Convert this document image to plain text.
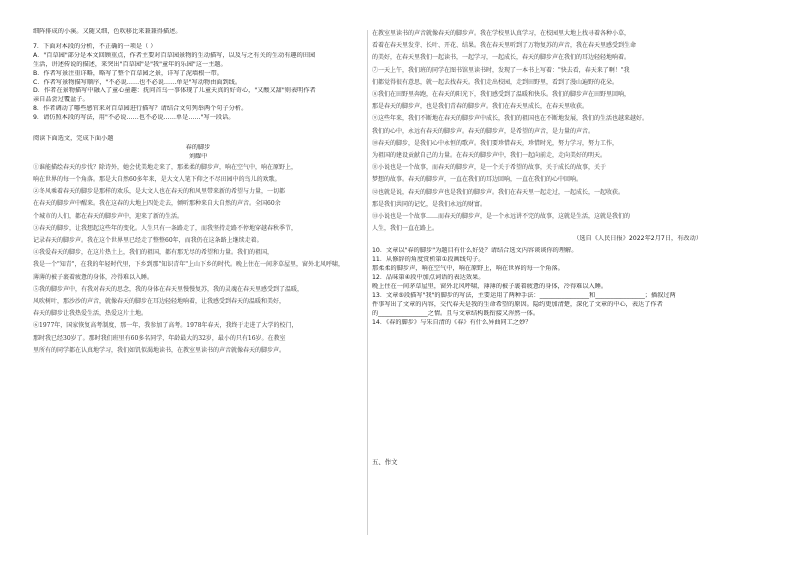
细阵排成的小溪。又随又细，色吹移比来兼兼得描述。
7．下面对本段的分析，不正确的一项是（ ）
A．"百草园"部分是本文回顾重点，作者主要对百草园景物的生动描写，以及与之有关的生动有趣的田园
生活，讲述传说的描述，来突出"百草园"是"我"童年的乐园"这一主题。
B．作者写景注重详略，略写了整个百草园之景，详写了泥墙根一带。
C．作者写景物描写顺序，"不必说……也不必说……单是"写动物由面到线。
D．作者在景物描写中融入了童心童趣：抚问首乌一事体现了儿童天真的好奇心，"又酸又甜"则表明作者
亲自品尝过覆盆子。
8．作者调动了哪些感官来对百草园进行描写？请结合文句列举两个句子分析。
9．请仿照本段的写法，用"不必说……也不必说……单是……"写一段话。
阅读下面选文，完成下面小题
春的脚步
刘耀中
①谁能描绘春天的步伐？除诗外，她会优美地走来了，那柔柔的脚步声，响在空气中，响在原野上，
响在世界的每一个角落。那是大自然60多年来，是大文人笔下仰之不尽田园中的鸟儿的欢歌。
②冬风乘着春天的脚步是那样的欢乐，是大文人也在春天的和风里带来新的希望与力量，一切都
在春天的脚步声中醒来。我在这春的大地上四处走去，倾听那种来自大自然的声音。全国60余
个城市的人们，都在春天的脚步声中，迎来了新的生活。
③春天的脚步，让我想起这些年的变化。人生只有一条路走了，而我坚持走路不停地穿越春秋季节，
记录春天的脚步声。我在这个世界里已经走了整整60年，而我仍在这条路上继续走着。
④我爱春天的脚步，在这片热土上，我们的祖国，都有那无尽的希望和力量。我们的祖国，
我是一个"知青"，在我的年轻时代里，下乡到那"知识青年"上山下乡的时代。晚上住在一间茅草屋里，窗外北风呼啸，
薄薄的被子裹着疲惫的身体，冷得难以入睡。
⑤我的脚步声中，有我对春天的思念，我的身体在春天里慢慢复苏，我的灵魂在春天里感受到了温暖，
风吹树叶，那沙沙的声音，就像春天的脚步在耳边轻轻地响着，让我感受到春天的温暖和美好，
春天的脚步让我热爱生活，热爱这片土地。
⑥1977年，国家恢复高考制度，那一年，我参加了高考。1978年春天，我终于走进了大学的校门，
那时我已经30岁了。那时我们班里有60多名同学，年龄最大的32岁，最小的只有16岁。在教室
里所有的同学都在认真地学习，我们如饥似渴地读书，在教室里读书的声音就像春天的脚步声。
在教室里读书的声音就像春天的脚步声。我在学校里认真学习，在校园里大地上找寻着各种小草，
看着在春天里发芽、长叶、开花、结果。我在春天里听到了万物复苏的声音，我在春天里感受到生命
的美好，在春天里我们一起读书，一起学习，一起成长，春天的脚步声在我们的耳边轻轻地响着。
⑦一天上午，我们班的同学在图书馆里读书时，发现了一本书上写着："快去看，春天来了啊！"我
们都觉得很有意思，就一起去找春天。我们走出校园，走到田野里，看到了漫山遍野的花朵。
⑧我们在田野里奔跑，在春天的阳光下，我们感受到了温暖和快乐。我们的脚步声在田野里回响，
那是春天的脚步声，也是我们青春的脚步声。我们在春天里成长，在春天里收获。
⑨这些年来，我们不断地在春天的脚步声中成长，我们的祖国也在不断地发展，我们的生活也越来越好。
我们的心中，永远有春天的脚步声。春天的脚步声，是希望的声音，是力量的声音。
⑩春天的脚步，是我们心中永恒的歌声。我们要珍惜春天，珍惜时光，努力学习，努力工作，
为祖国的建设贡献自己的力量。在春天的脚步声中，我们一起向前走，走向美好的明天。
⑪小说也是一个故事，而春天的脚步声，是一个关于希望的故事，关于成长的故事，关于
梦想的故事。春天的脚步声，一直在我们的耳边回响，一直在我们的心中回响。
⑫也就是说，春天的脚步声也是我们的脚步声。我们在春天里一起走过，一起成长，一起收获。
那是我们共同的记忆，是我们永远的财富。
⑬小说也是一个故事……而春天的脚步声，是一个永远讲不完的故事，这就是生活，这就是我们的
人生，我们一直在路上。
（选自《人民日报》2022年2月7日，有改动）
10．文章以"春的脚步"为题目有什么好处？请结合选文内容谈谈你的理解。
11．从修辞的角度赏析第①段画线句子。
那柔柔的脚步声，响在空气中，响在原野上，响在世界的每一个角落。
12．品味第④段中加点词语的表达效果。
晚上住在一间茅草屋里，窗外北风呼啸，薄薄的被子裹着疲惫的身体，冷得难以入睡。
13．文章⑤段描写"我"的脚步的写法，主要运用了两种手法：________________和________________；插叙过两
件事写出了文章的内容，交代春天是我的生命希望的原因。隐约更加清楚，深化了文章的中心，表达了作者
的________________之情。且与文章结构既衔接又浑然一体。
14．《春的脚步》与朱自清的《春》有什么异曲同工之妙？
五、作文
